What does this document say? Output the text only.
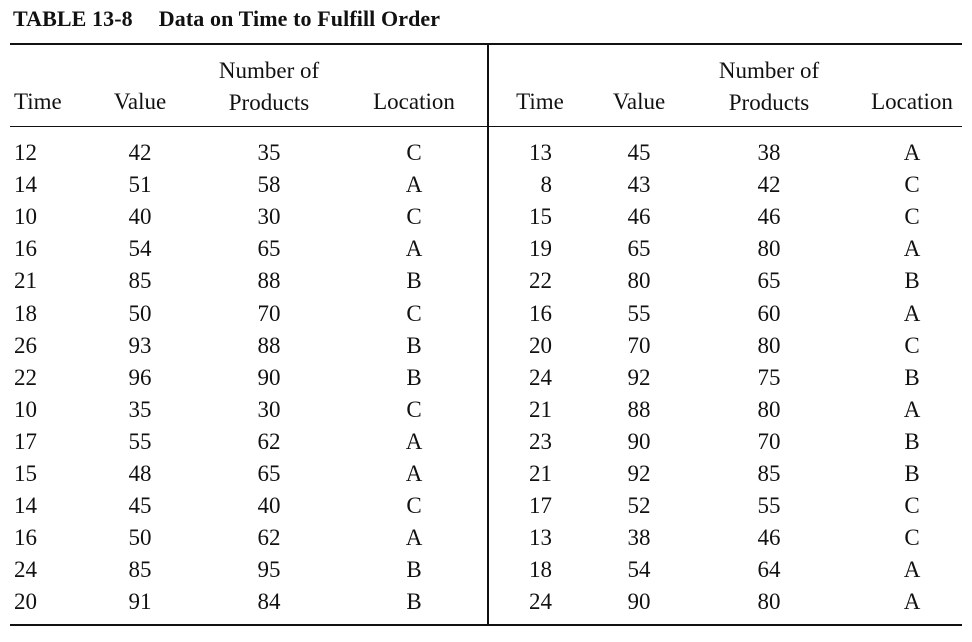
TABLE 13-8 Data on Time to Fulfill Order
Time Value
Number of
Products	Location
12	42	35	C
14	51	58	A
10	40	30	C
16	54	65	A
21	85	88	B
18	50	70	C
26	93	88	B
22	96	90	B
10	35	30	C
17	55	62	A
15	48	65	A
14	45	40	C
16	50	62	A
24	85	95	B
20	91	84	B
Time Value
Number of
Products	Location
13	45	38	A
8	43	42	C
15	46	46	C
19	65	80	A
22	80	65	B
16	55	60	A
20	70	80	C
24	92	75	B
21	88	80	A
23	90	70	B
21	92	85	B
17	52	55	C
13	38	46	C
18	54	64	A
24	90	80	A
